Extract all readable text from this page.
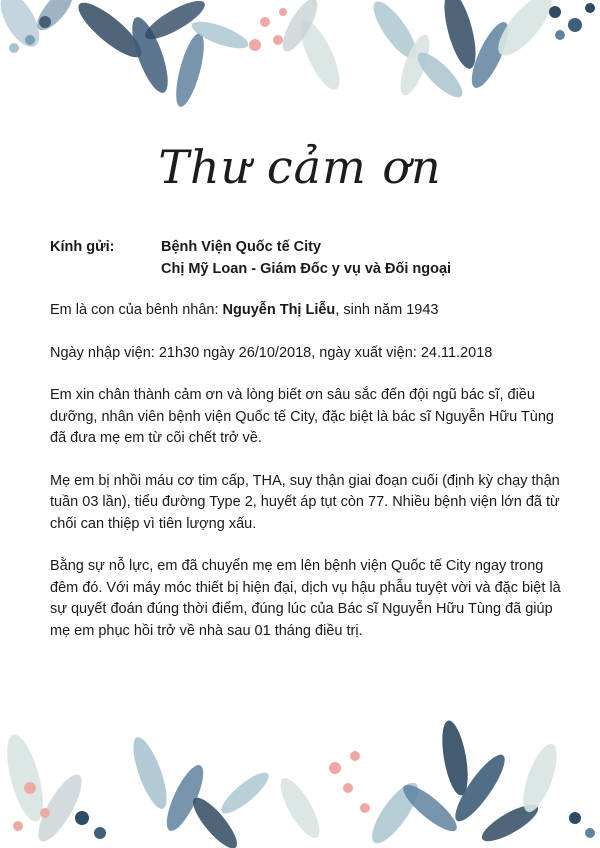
Thư cảm ơn
Kính gửi:	Bệnh Viện Quốc tế City
Chị Mỹ Loan - Giám Đốc y vụ và Đối ngoại

Em là con của bênh nhân: Nguyễn Thị Liễu, sinh năm 1943

Ngày nhập viện: 21h30 ngày 26/10/2018, ngày xuất viện: 24.11.2018

Em xin chân thành cảm ơn và lòng biết ơn sâu sắc đến đội ngũ bác sĩ, điều dưỡng, nhân viên bệnh viện Quốc tế City, đặc biệt là bác sĩ Nguyễn Hữu Tùng đã đưa mẹ em từ cõi chết trở về.

Mẹ em bị nhồi máu cơ tim cấp, THA, suy thận giai đoạn cuối (định kỳ chạy thận tuần 03 lần), tiểu đường Type 2, huyết áp tụt còn 77. Nhiều bệnh viện lớn đã từ chối can thiệp vì tiên lượng xấu.

Bằng sự nỗ lực, em đã chuyển mẹ em lên bệnh viện Quốc tế City ngay trong đêm đó. Với máy móc thiết bị hiện đại, dịch vụ hậu phẫu tuyệt vời và đặc biệt là sự quyết đoán đúng thời điểm, đúng lúc của Bác sĩ Nguyễn Hữu Tùng đã giúp mẹ em phục hồi trở về nhà sau 01 tháng điều trị.
